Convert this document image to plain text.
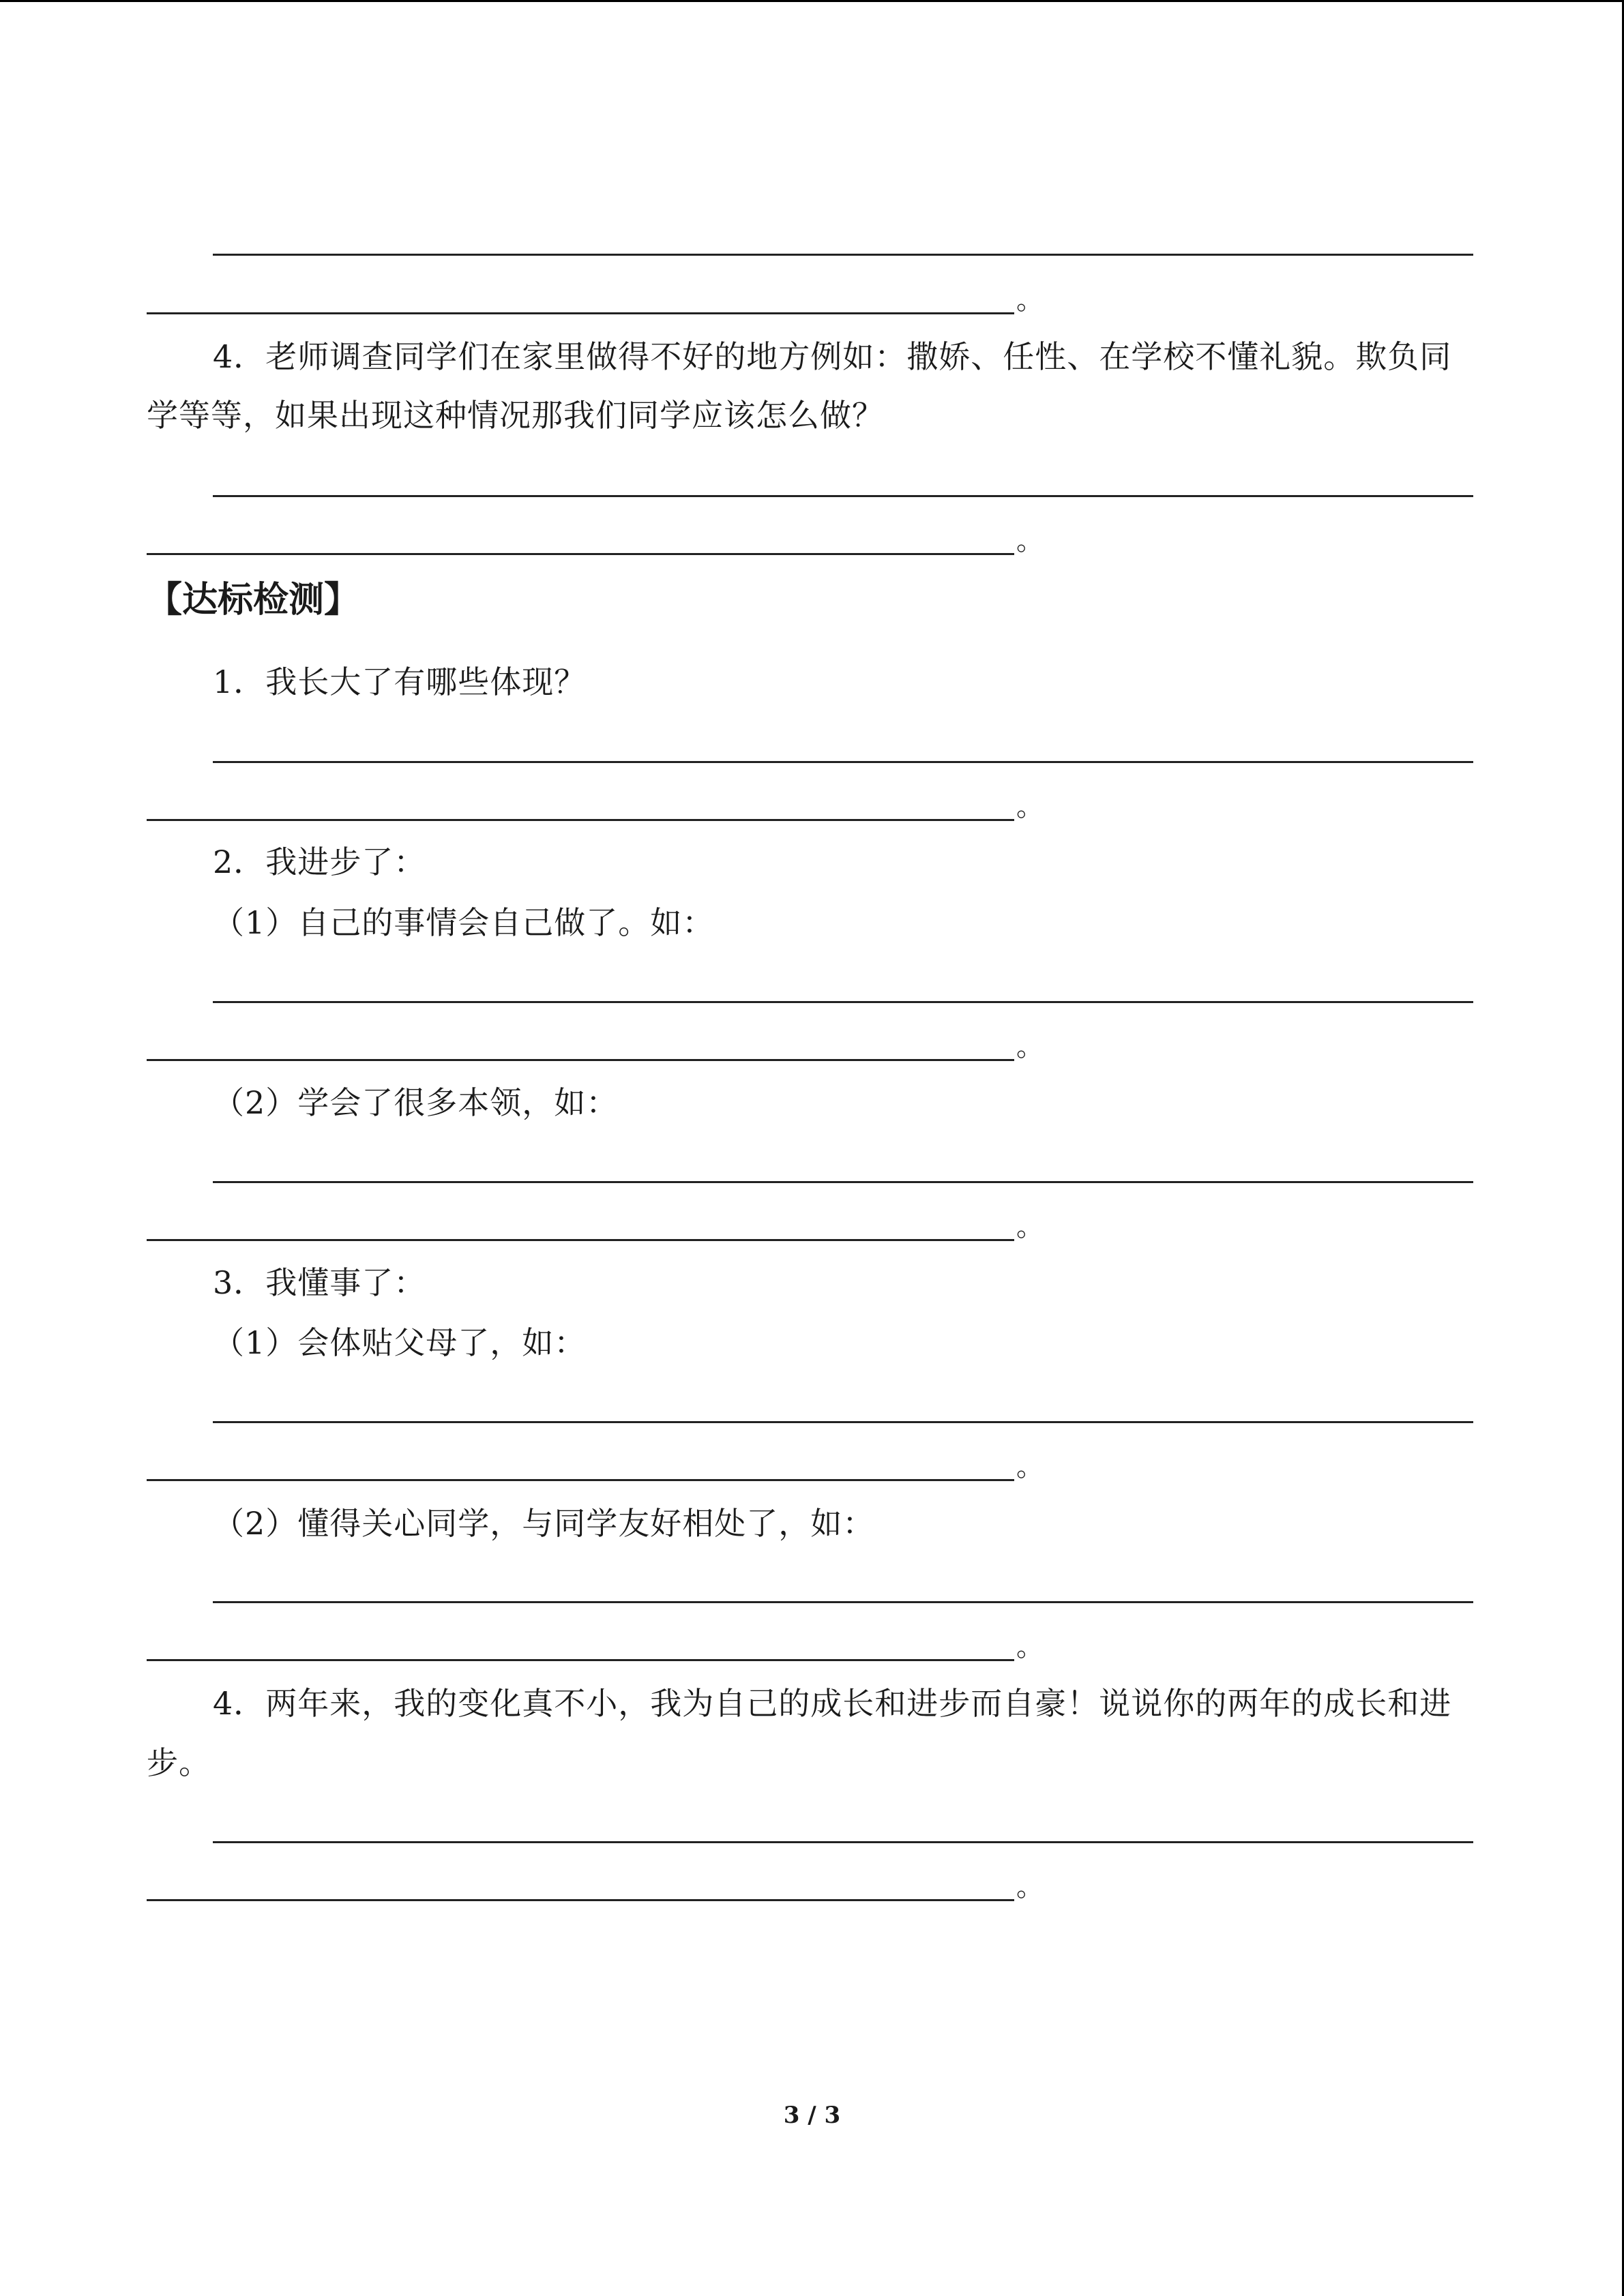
。
4．老师调查同学们在家里做得不好的地方例如：撒娇、任性、在学校不懂礼貌。欺负同
学等等，如果出现这种情况那我们同学应该怎么做？
。
【达标检测】
1．我长大了有哪些体现？
。
2．我进步了：
（1）自己的事情会自己做了。如：
。
（2）学会了很多本领，如：
。
3．我懂事了：
（1）会体贴父母了，如：
。
（2）懂得关心同学，与同学友好相处了，如：
。
4．两年来，我的变化真不小，我为自己的成长和进步而自豪！说说你的两年的成长和进
步。
。
3 / 3
